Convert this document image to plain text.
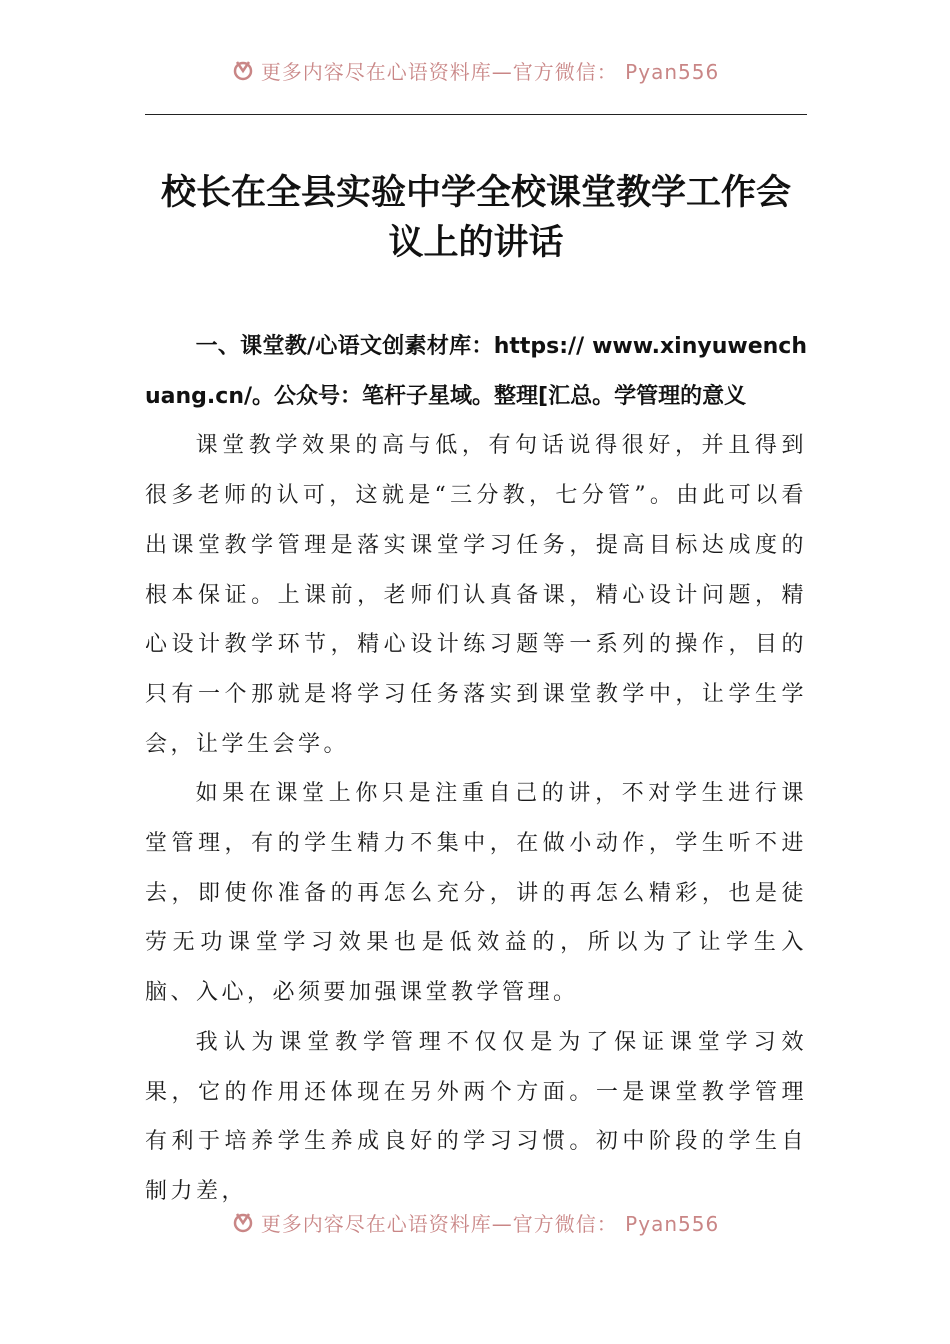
更多内容尽在心语资料库—官方微信： Pyan556
校长在全县实验中学全校课堂教学工作会议上的讲话

一、课堂教/心语文创素材库：https:// www.xinyuwenchuang.cn/。公众号：笔杆子星域。整理[汇总。学管理的意义

课堂教学效果的高与低，有句话说得很好，并且得到很多老师的认可，这就是“三分教，七分管”。由此可以看出课堂教学管理是落实课堂学习任务，提高目标达成度的根本保证。上课前，老师们认真备课，精心设计问题，精心设计教学环节，精心设计练习题等一系列的操作，目的只有一个那就是将学习任务落实到课堂教学中，让学生学会，让学生会学。

如果在课堂上你只是注重自己的讲，不对学生进行课堂管理，有的学生精力不集中，在做小动作，学生听不进去，即使你准备的再怎么充分，讲的再怎么精彩，也是徒劳无功课堂学习效果也是低效益的，所以为了让学生入脑、入心，必须要加强课堂教学管理。

我认为课堂教学管理不仅仅是为了保证课堂学习效果，它的作用还体现在另外两个方面。一是课堂教学管理有利于培养学生养成良好的学习习惯。初中阶段的学生自制力差，

更多内容尽在心语资料库—官方微信： Pyan556
